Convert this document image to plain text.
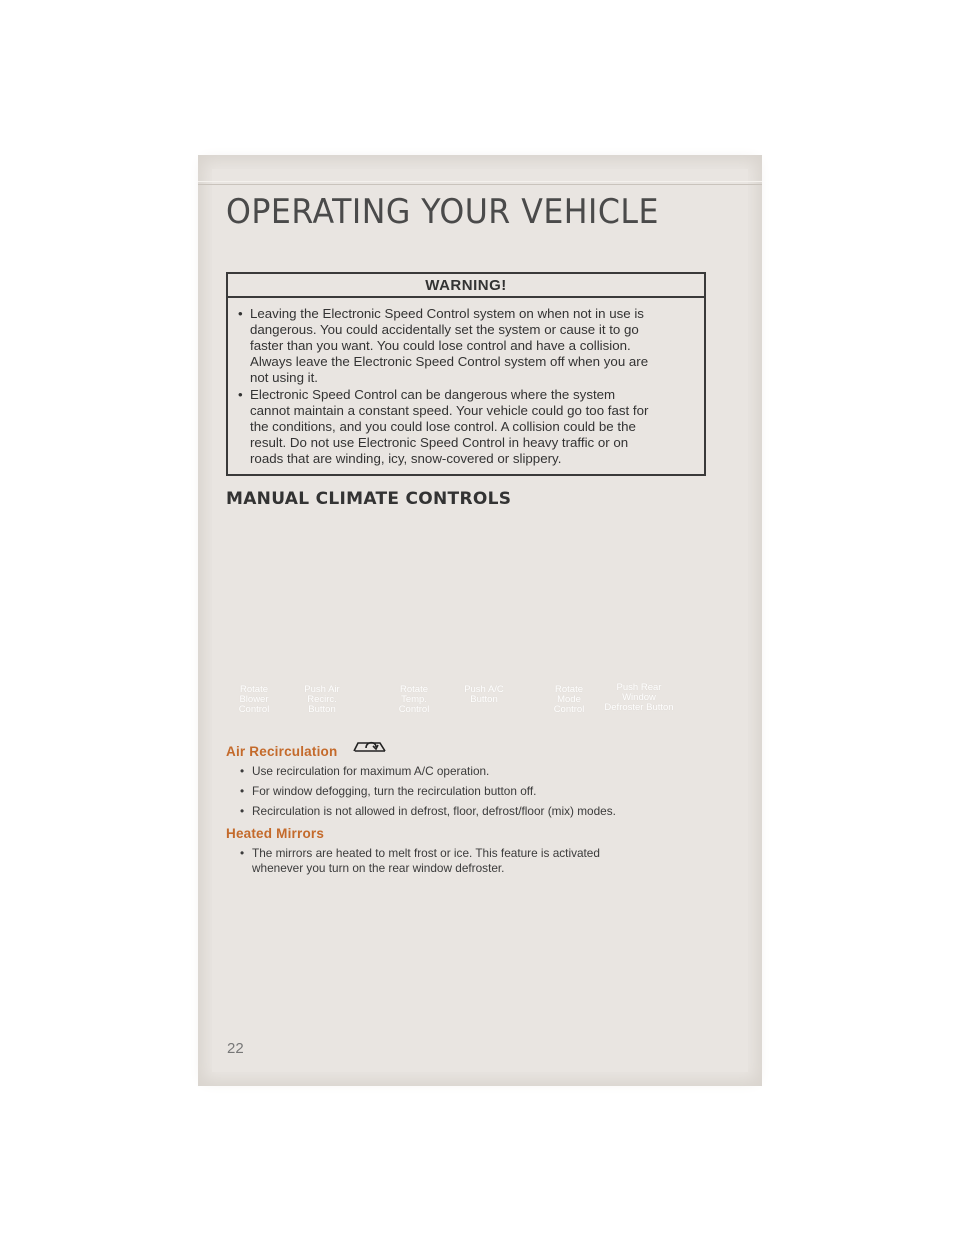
OPERATING YOUR VEHICLE
WARNING!
• Leaving the Electronic Speed Control system on when not in use is
dangerous. You could accidentally set the system or cause it to go
faster than you want. You could lose control and have a collision.
Always leave the Electronic Speed Control system off when you are
not using it.
• Electronic Speed Control can be dangerous where the system
cannot maintain a constant speed. Your vehicle could go too fast for
the conditions, and you could lose control. A collision could be the
result. Do not use Electronic Speed Control in heavy traffic or on
roads that are winding, icy, snow-covered or slippery.
MANUAL CLIMATE CONTROLS
Rotate
Blower
Control
Push Air
Recirc.
Button
Rotate
Temp.
Control
Push A/C
Button
Rotate
Mode
Control
Push Rear
Window
Defroster Button
Air Recirculation
• Use recirculation for maximum A/C operation.
• For window defogging, turn the recirculation button off.
• Recirculation is not allowed in defrost, floor, defrost/floor (mix) modes.
Heated Mirrors
• The mirrors are heated to melt frost or ice. This feature is activated
whenever you turn on the rear window defroster.
22
